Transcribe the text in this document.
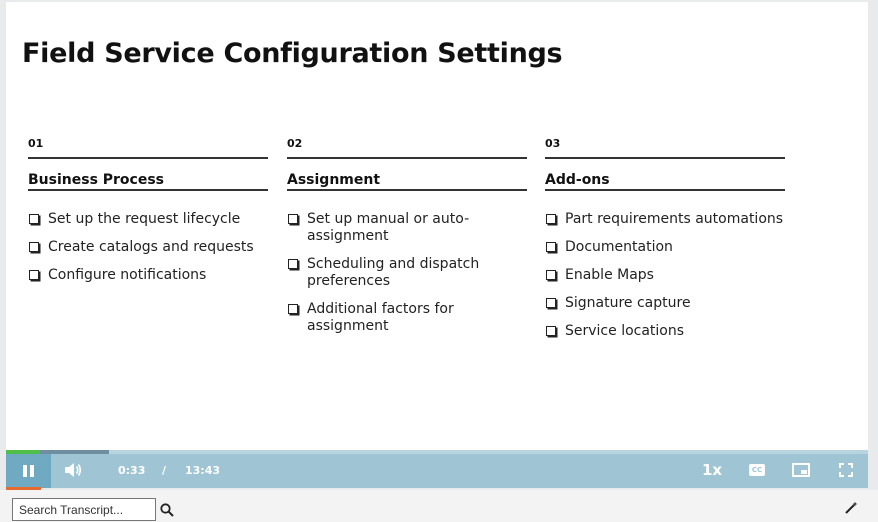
Field Service Configuration Settings
01
Business Process
Set up the request lifecycle
Create catalogs and requests
Configure notifications
02
Assignment
Set up manual or auto-assignment
Scheduling and dispatch preferences
Additional factors for assignment
03
Add-ons
Part requirements automations
Documentation
Enable Maps
Signature capture
Service locations
0:33 / 13:43	1x	CC
Search Transcript...
